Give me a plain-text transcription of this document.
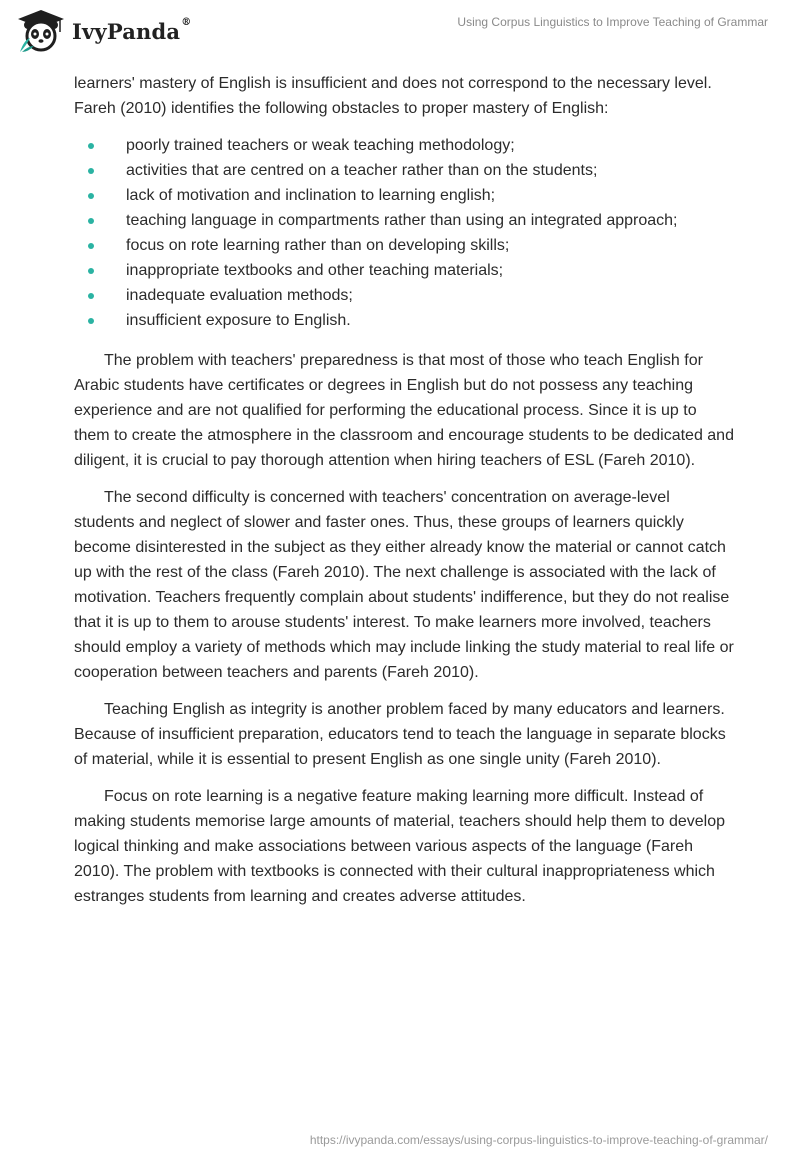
IvyPanda®	Using Corpus Linguistics to Improve Teaching of Grammar

learners' mastery of English is insufficient and does not correspond to the necessary level. Fareh (2010) identifies the following obstacles to proper mastery of English:

poorly trained teachers or weak teaching methodology;
activities that are centred on a teacher rather than on the students;
lack of motivation and inclination to learning english;
teaching language in compartments rather than using an integrated approach;
focus on rote learning rather than on developing skills;
inappropriate textbooks and other teaching materials;
inadequate evaluation methods;
insufficient exposure to English.

The problem with teachers' preparedness is that most of those who teach English for Arabic students have certificates or degrees in English but do not possess any teaching experience and are not qualified for performing the educational process. Since it is up to them to create the atmosphere in the classroom and encourage students to be dedicated and diligent, it is crucial to pay thorough attention when hiring teachers of ESL (Fareh 2010).

The second difficulty is concerned with teachers' concentration on average-level students and neglect of slower and faster ones. Thus, these groups of learners quickly become disinterested in the subject as they either already know the material or cannot catch up with the rest of the class (Fareh 2010). The next challenge is associated with the lack of motivation. Teachers frequently complain about students' indifference, but they do not realise that it is up to them to arouse students' interest. To make learners more involved, teachers should employ a variety of methods which may include linking the study material to real life or cooperation between teachers and parents (Fareh 2010).

Teaching English as integrity is another problem faced by many educators and learners. Because of insufficient preparation, educators tend to teach the language in separate blocks of material, while it is essential to present English as one single unity (Fareh 2010).

Focus on rote learning is a negative feature making learning more difficult. Instead of making students memorise large amounts of material, teachers should help them to develop logical thinking and make associations between various aspects of the language (Fareh 2010). The problem with textbooks is connected with their cultural inappropriateness which estranges students from learning and creates adverse attitudes.

https://ivypanda.com/essays/using-corpus-linguistics-to-improve-teaching-of-grammar/
